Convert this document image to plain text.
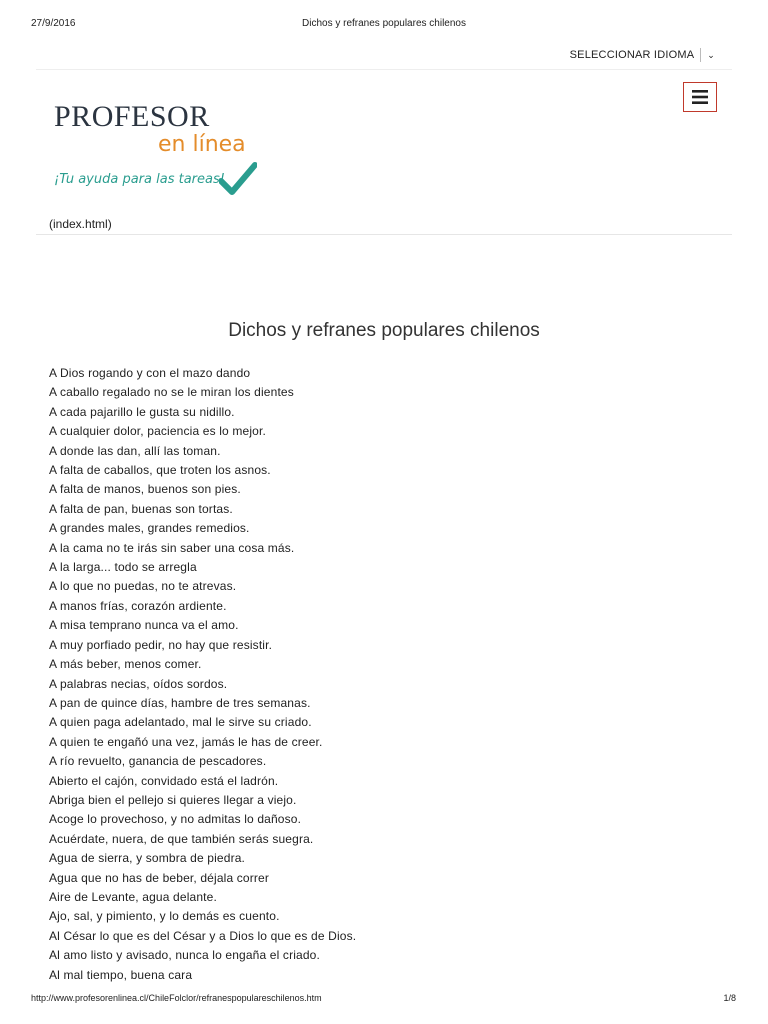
27/9/2016	Dichos y refranes populares chilenos
SELECCIONAR IDIOMA ⌄
PROFESOR
en línea
¡Tu ayuda para las tareas!
(index.html)
Dichos y refranes populares chilenos
A Dios rogando y con el mazo dando
A caballo regalado no se le miran los dientes
A cada pajarillo le gusta su nidillo.
A cualquier dolor, paciencia es lo mejor.
A donde las dan, allí las toman.
A falta de caballos, que troten los asnos.
A falta de manos, buenos son pies.
A falta de pan, buenas son tortas.
A grandes males, grandes remedios.
A la cama no te irás sin saber una cosa más.
A la larga... todo se arregla
A lo que no puedas, no te atrevas.
A manos frías, corazón ardiente.
A misa temprano nunca va el amo.
A muy porfiado pedir, no hay que resistir.
A más beber, menos comer.
A palabras necias, oídos sordos.
A pan de quince días, hambre de tres semanas.
A quien paga adelantado, mal le sirve su criado.
A quien te engañó una vez, jamás le has de creer.
A río revuelto, ganancia de pescadores.
Abierto el cajón, convidado está el ladrón.
Abriga bien el pellejo si quieres llegar a viejo.
Acoge lo provechoso, y no admitas lo dañoso.
Acuérdate, nuera, de que también serás suegra.
Agua de sierra, y sombra de piedra.
Agua que no has de beber, déjala correr
Aire de Levante, agua delante.
Ajo, sal, y pimiento, y lo demás es cuento.
Al César lo que es del César y a Dios lo que es de Dios.
Al amo listo y avisado, nunca lo engaña el criado.
Al mal tiempo, buena cara
http://www.profesorenlinea.cl/ChileFolclor/refranespopulareschilenos.htm	1/8
